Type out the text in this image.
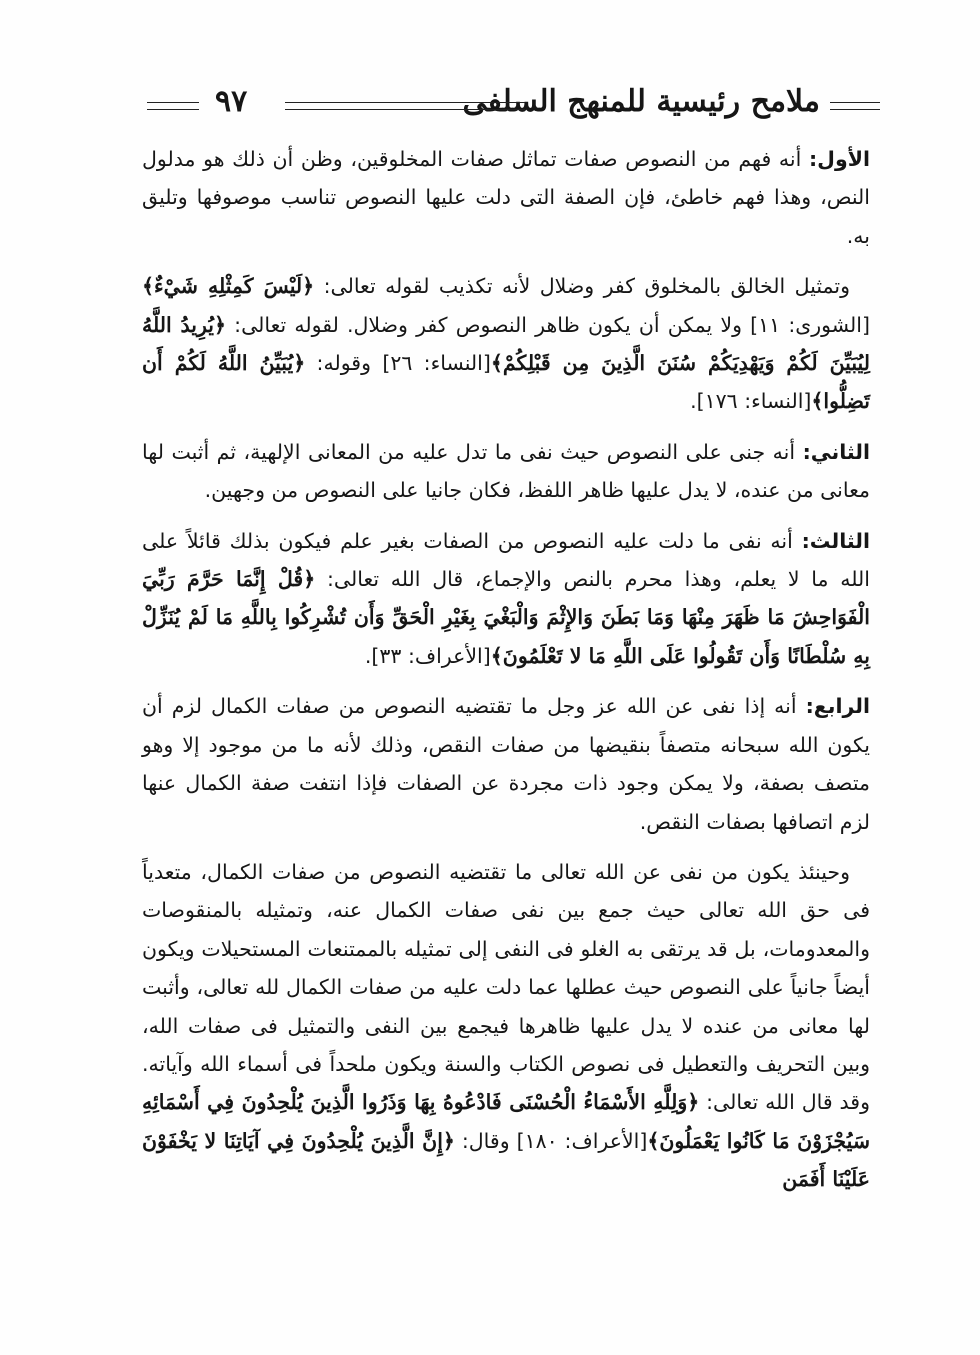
ملامح رئيسية للمنهج السلفى
٩٧

الأول: أنه فهم من النصوص صفات تماثل صفات المخلوقين، وظن أن ذلك هو مدلول النص، وهذا فهم خاطئ، فإن الصفة التى دلت عليها النصوص تناسب موصوفها وتليق به.

وتمثيل الخالق بالمخلوق كفر وضلال لأنه تكذيب لقوله تعالى: ﴿لَيْسَ كَمِثْلِهِ شَيْءٌ﴾[الشورى: ١١] ولا يمكن أن يكون ظاهر النصوص كفر وضلال. لقوله تعالى: ﴿يُرِيدُ اللَّهُ لِيُبَيِّنَ لَكُمْ وَيَهْدِيَكُمْ سُنَنَ الَّذِينَ مِن قَبْلِكُمْ﴾[النساء: ٢٦] وقوله: ﴿يُبَيِّنُ اللَّهُ لَكُمْ أَن تَضِلُّوا﴾[النساء: ١٧٦].

الثاني: أنه جنى على النصوص حيث نفى ما تدل عليه من المعانى الإلهية، ثم أثبت لها معانى من عنده، لا يدل عليها ظاهر اللفظ، فكان جانيا على النصوص من وجهين.

الثالث: أنه نفى ما دلت عليه النصوص من الصفات بغير علم فيكون بذلك قائلاً على الله ما لا يعلم، وهذا محرم بالنص والإجماع، قال الله تعالى: ﴿قُلْ إِنَّمَا حَرَّمَ رَبِّيَ الْفَوَاحِشَ مَا ظَهَرَ مِنْهَا وَمَا بَطَنَ وَالإِثْمَ وَالْبَغْيَ بِغَيْرِ الْحَقِّ وَأَن تُشْرِكُوا بِاللَّهِ مَا لَمْ يُنَزِّلْ بِهِ سُلْطَانًا وَأَن تَقُولُوا عَلَى اللَّهِ مَا لا تَعْلَمُونَ﴾[الأعراف: ٣٣].

الرابع: أنه إذا نفى عن الله عز وجل ما تقتضيه النصوص من صفات الكمال لزم أن يكون الله سبحانه متصفاً بنقيضها من صفات النقص، وذلك لأنه ما من موجود إلا وهو متصف بصفة، ولا يمكن وجود ذات مجردة عن الصفات فإذا انتفت صفة الكمال عنها لزم اتصافها بصفات النقص.

وحينئذ يكون من نفى عن الله تعالى ما تقتضيه النصوص من صفات الكمال، متعدياً فى حق الله تعالى حيث جمع بين نفى صفات الكمال عنه، وتمثيله بالمنقوصات والمعدومات، بل قد يرتقى به الغلو فى النفى إلى تمثيله بالممتنعات المستحيلات ويكون أيضاً جانياً على النصوص حيث عطلها عما دلت عليه من صفات الكمال لله تعالى، وأثبت لها معانى من عنده لا يدل عليها ظاهرها فيجمع بين النفى والتمثيل فى صفات الله، وبين التحريف والتعطيل فى نصوص الكتاب والسنة ويكون ملحداً فى أسماء الله وآياته. وقد قال الله تعالى: ﴿وَلِلَّهِ الأَسْمَاءُ الْحُسْنَى فَادْعُوهُ بِهَا وَذَرُوا الَّذِينَ يُلْحِدُونَ فِي أَسْمَائِهِ سَيُجْزَوْنَ مَا كَانُوا يَعْمَلُونَ﴾[الأعراف: ١٨٠] وقال: ﴿إِنَّ الَّذِينَ يُلْحِدُونَ فِي آيَاتِنَا لا يَخْفَوْنَ عَلَيْنَا أَفَمَن
